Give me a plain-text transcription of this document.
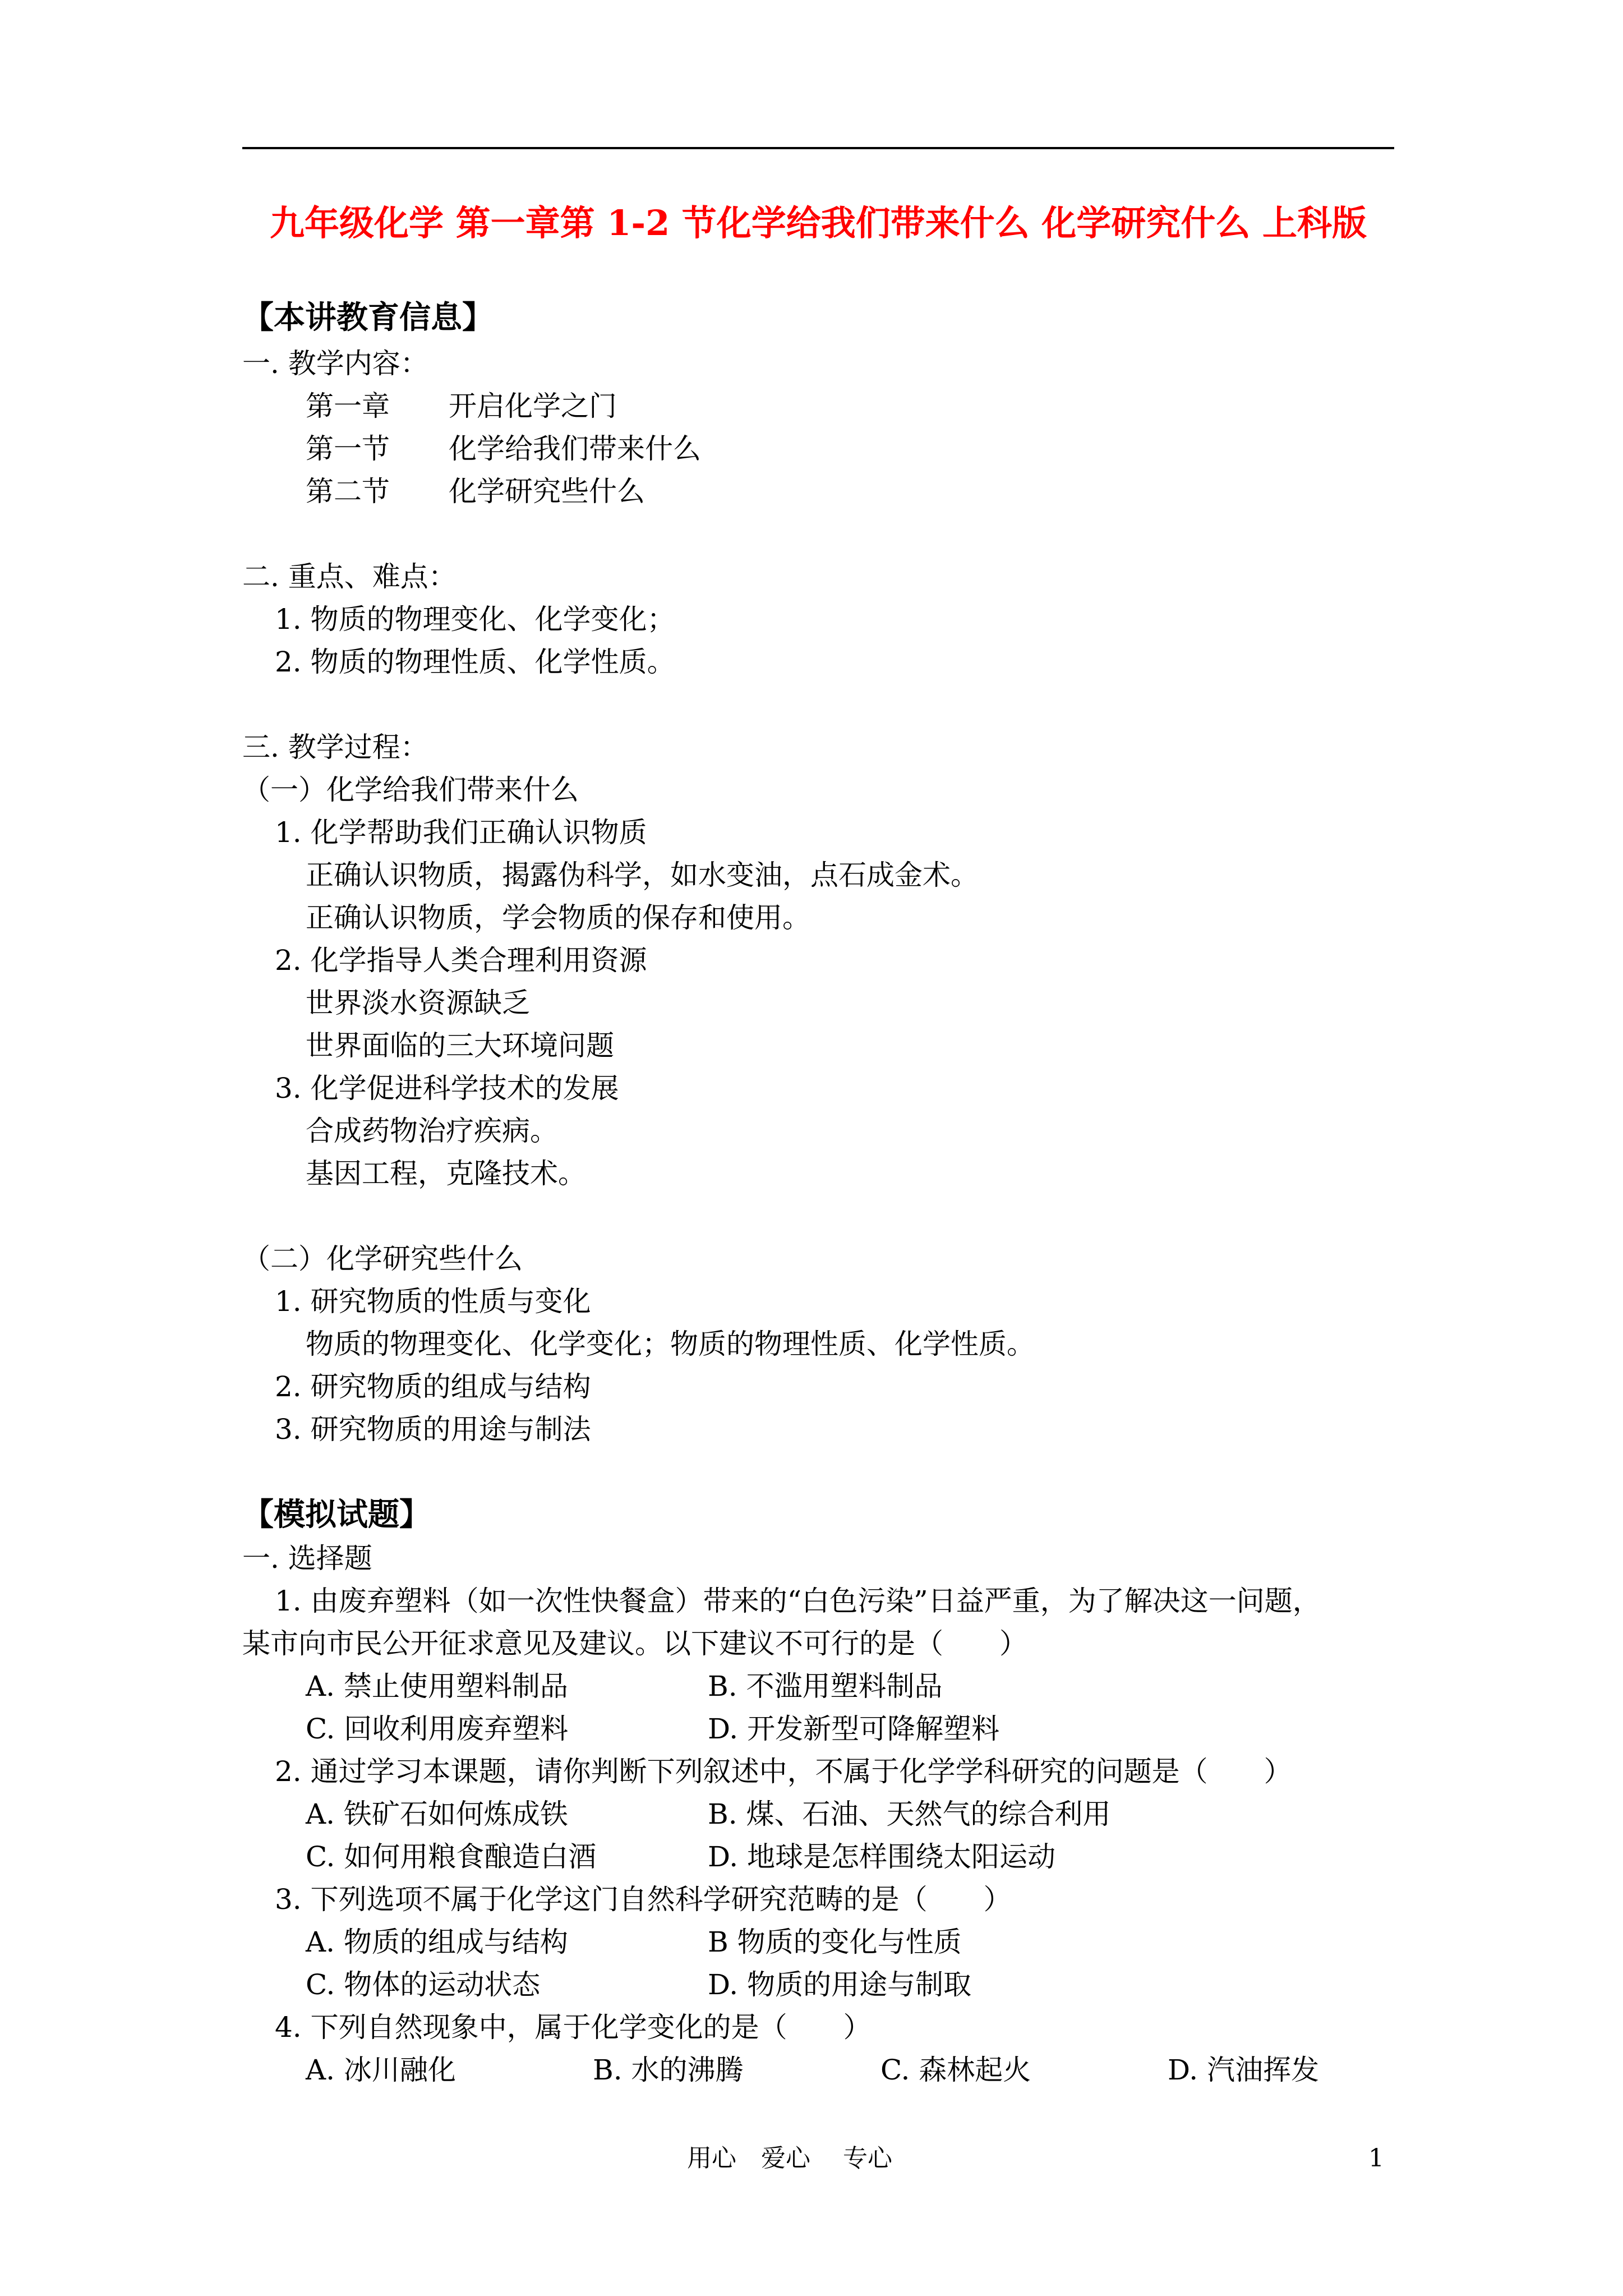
九年级化学 第一章第 1-2 节化学给我们带来什么 化学研究什么 上科版
【本讲教育信息】
一. 教学内容：
第一章 开启化学之门
第一节 化学给我们带来什么
第二节 化学研究些什么
二. 重点、难点：
1. 物质的物理变化、化学变化；
2. 物质的物理性质、化学性质。
三. 教学过程：
（一）化学给我们带来什么
1. 化学帮助我们正确认识物质
正确认识物质，揭露伪科学，如水变油，点石成金术。
正确认识物质，学会物质的保存和使用。
2. 化学指导人类合理利用资源
世界淡水资源缺乏
世界面临的三大环境问题
3. 化学促进科学技术的发展
合成药物治疗疾病。
基因工程，克隆技术。
（二）化学研究些什么
1. 研究物质的性质与变化
物质的物理变化、化学变化；物质的物理性质、化学性质。
2. 研究物质的组成与结构
3. 研究物质的用途与制法
【模拟试题】
一. 选择题
1. 由废弃塑料（如一次性快餐盒）带来的“白色污染”日益严重，为了解决这一问题，
某市向市民公开征求意见及建议。以下建议不可行的是（　　）
A. 禁止使用塑料制品	B. 不滥用塑料制品
C. 回收利用废弃塑料	D. 开发新型可降解塑料
2. 通过学习本课题，请你判断下列叙述中，不属于化学学科研究的问题是（　　）
A. 铁矿石如何炼成铁	B. 煤、石油、天然气的综合利用
C. 如何用粮食酿造白酒	D. 地球是怎样围绕太阳运动
3. 下列选项不属于化学这门自然科学研究范畴的是（　　）
A. 物质的组成与结构	B 物质的变化与性质
C. 物体的运动状态	D. 物质的用途与制取
4. 下列自然现象中，属于化学变化的是（　　）
A. 冰川融化	B. 水的沸腾	C. 森林起火	D. 汽油挥发
用心　爱心　 专心	1
